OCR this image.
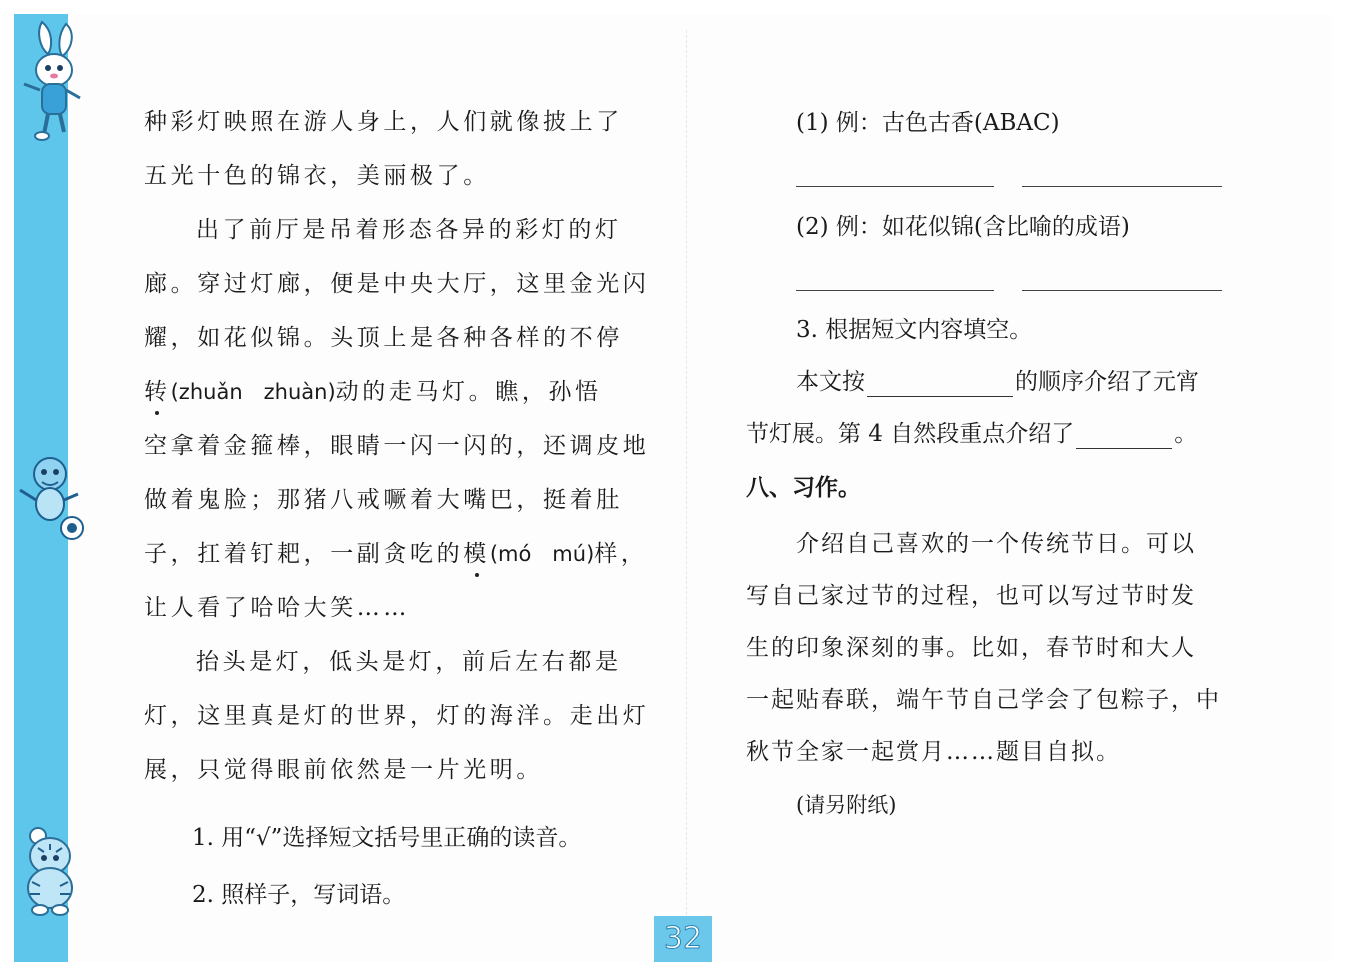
种彩灯映照在游人身上，人们就像披上了
五光十色的锦衣，美丽极了。
出了前厅是吊着形态各异的彩灯的灯
廊。穿过灯廊，便是中央大厅，这里金光闪
耀，如花似锦。头顶上是各种各样的不停
转(zhuǎn　zhuàn)动的走马灯。瞧，孙悟
空拿着金箍棒，眼睛一闪一闪的，还调皮地
做着鬼脸；那猪八戒噘着大嘴巴，挺着肚
子，扛着钉耙，一副贪吃的模(mó　mú)样，
让人看了哈哈大笑……
抬头是灯，低头是灯，前后左右都是
灯，这里真是灯的世界，灯的海洋。走出灯
展，只觉得眼前依然是一片光明。
1. 用“√”选择短文括号里正确的读音。
2. 照样子，写词语。
(1) 例：古色古香(ABAC)
(2) 例：如花似锦(含比喻的成语)
3. 根据短文内容填空。
本文按	的顺序介绍了元宵
节灯展。第 4 自然段重点介绍了	。
八、习作。
介绍自己喜欢的一个传统节日。可以
写自己家过节的过程，也可以写过节时发
生的印象深刻的事。比如，春节时和大人
一起贴春联，端午节自己学会了包粽子，中
秋节全家一起赏月……题目自拟。
(请另附纸)
32
